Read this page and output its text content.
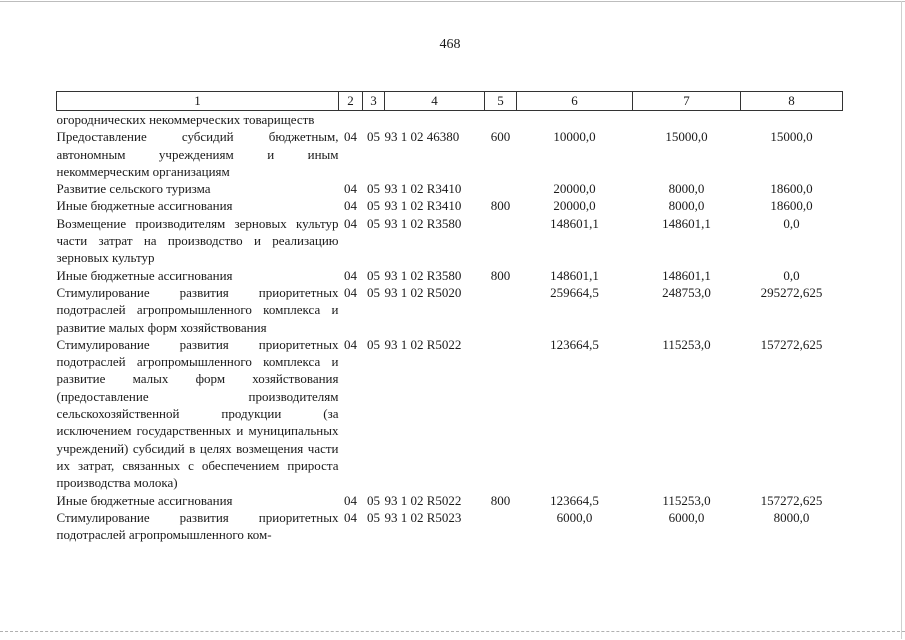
468
1	2	3	4	5	6	7	8
огороднических некоммерческих товариществ							
Предоставление субсидий бюджетным, автономным учреждениям и иным некоммерческим организациям	04	05	93 1 02 46380	600	10000,0	15000,0	15000,0
Развитие сельского туризма	04	05	93 1 02 R3410		20000,0	8000,0	18600,0
Иные бюджетные ассигнования	04	05	93 1 02 R3410	800	20000,0	8000,0	18600,0
Возмещение производителям зерновых культур части затрат на производство и реализацию зерновых культур	04	05	93 1 02 R3580		148601,1	148601,1	0,0
Иные бюджетные ассигнования	04	05	93 1 02 R3580	800	148601,1	148601,1	0,0
Стимулирование развития приоритетных подотраслей агропромышленного комплекса и развитие малых форм хозяйствования	04	05	93 1 02 R5020		259664,5	248753,0	295272,625
Стимулирование развития приоритетных подотраслей агропромышленного комплекса и развитие малых форм хозяйствования (предоставление производителям сельскохозяйственной продукции (за исключением государственных и муниципальных учреждений) субсидий в целях возмещения части их затрат, связанных с обеспечением прироста производства молока)	04	05	93 1 02 R5022		123664,5	115253,0	157272,625
Иные бюджетные ассигнования	04	05	93 1 02 R5022	800	123664,5	115253,0	157272,625
Стимулирование развития приоритетных подотраслей агропромышленного ком-	04	05	93 1 02 R5023		6000,0	6000,0	8000,0
